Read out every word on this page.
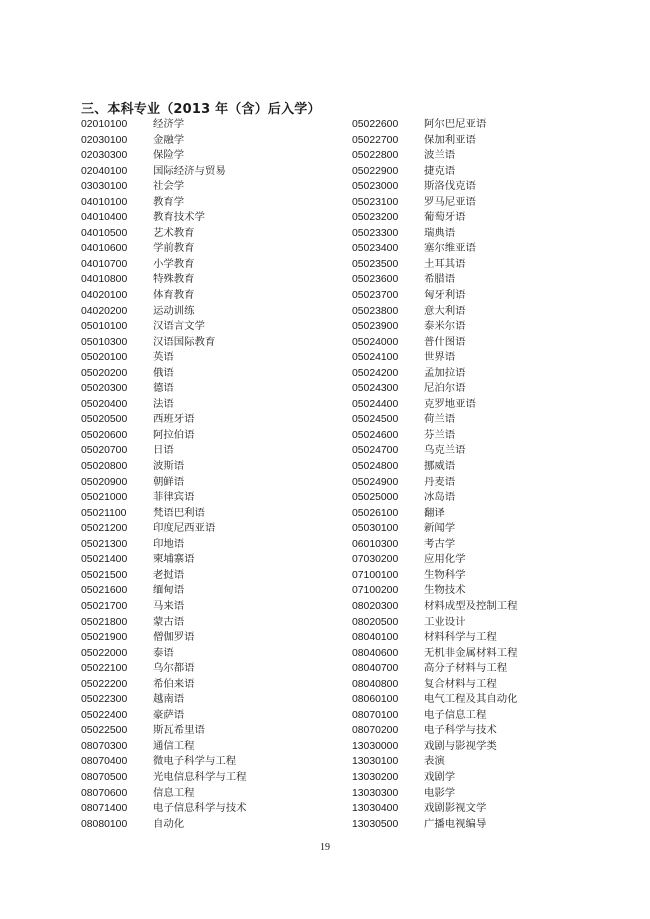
三、本科专业（2013 年（含）后入学）
02010100 经济学
02030100 金融学
02030300 保险学
02040100 国际经济与贸易
03030100 社会学
04010100 教育学
04010400 教育技术学
04010500 艺术教育
04010600 学前教育
04010700 小学教育
04010800 特殊教育
04020100 体育教育
04020200 运动训练
05010100 汉语言文学
05010300 汉语国际教育
05020100 英语
05020200 俄语
05020300 德语
05020400 法语
05020500 西班牙语
05020600 阿拉伯语
05020700 日语
05020800 波斯语
05020900 朝鲜语
05021000 菲律宾语
05021100	梵语巴利语
05021200 印度尼西亚语
05021300 印地语
05021400 柬埔寨语
05021500 老挝语
05021600 缅甸语
05021700 马来语
05021800 蒙古语
05021900 僧伽罗语
05022000 泰语
05022100 乌尔都语
05022200 希伯来语
05022300 越南语
05022400 豪萨语
05022500 斯瓦希里语
08070300 通信工程
08070400 微电子科学与工程
08070500 光电信息科学与工程
08070600 信息工程
08071400 电子信息科学与技术
08080100 自动化
05022600 阿尔巴尼亚语
05022700 保加利亚语
05022800 波兰语
05022900 捷克语
05023000 斯洛伐克语
05023100 罗马尼亚语
05023200 葡萄牙语
05023300 瑞典语
05023400 塞尔维亚语
05023500 土耳其语
05023600 希腊语
05023700 匈牙利语
05023800 意大利语
05023900 泰米尔语
05024000 普什图语
05024100 世界语
05024200 孟加拉语
05024300 尼泊尔语
05024400 克罗地亚语
05024500 荷兰语
05024600 芬兰语
05024700 乌克兰语
05024800 挪威语
05024900 丹麦语
05025000 冰岛语
05026100 翻译
05030100 新闻学
06010300 考古学
07030200 应用化学
07100100 生物科学
07100200 生物技术
08020300 材料成型及控制工程
08020500 工业设计
08040100 材料科学与工程
08040600 无机非金属材料工程
08040700 高分子材料与工程
08040800 复合材料与工程
08060100 电气工程及其自动化
08070100 电子信息工程
08070200 电子科学与技术
13030000 戏剧与影视学类
13030100 表演
13030200 戏剧学
13030300 电影学
13030400 戏剧影视文学
13030500 广播电视编导
19
